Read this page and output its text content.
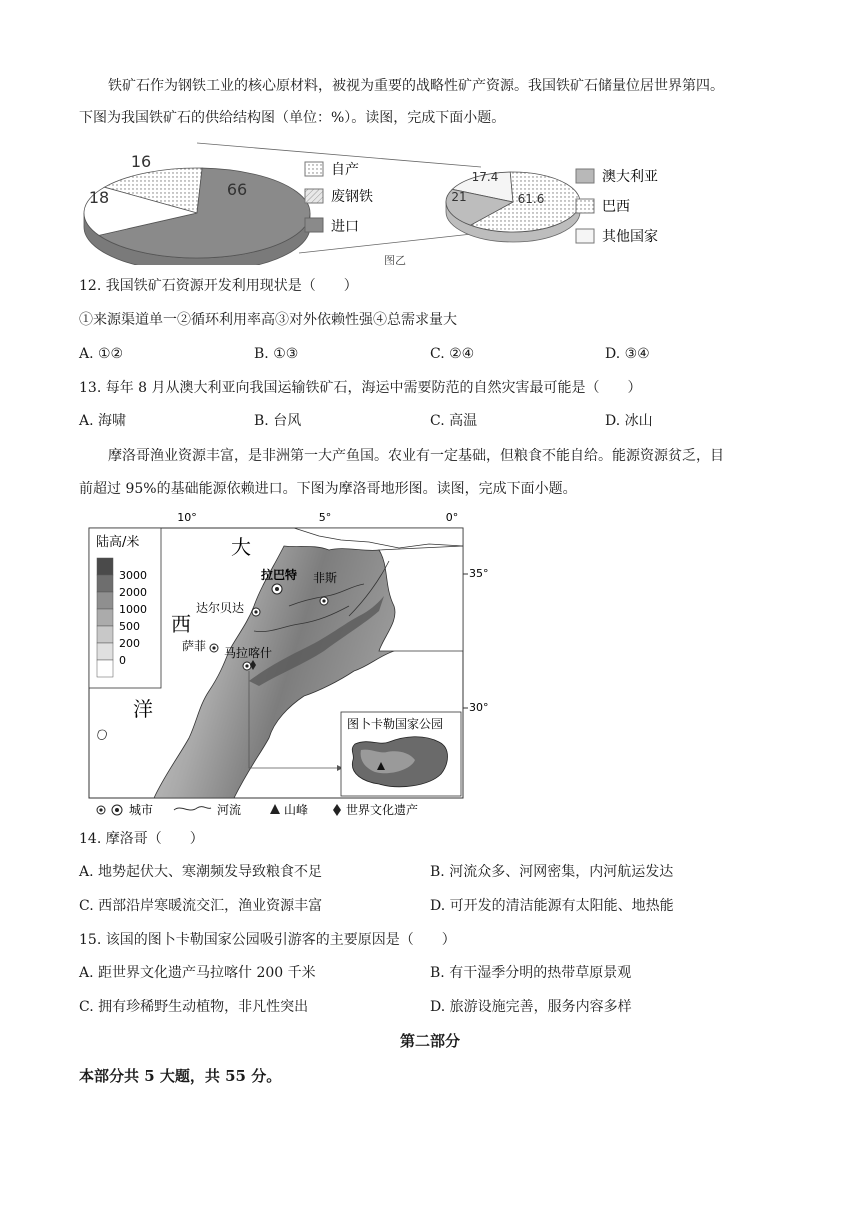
铁矿石作为钢铁工业的核心原材料，被视为重要的战略性矿产资源。我国铁矿石储量位居世界第四。
下图为我国铁矿石的供给结构图（单位：%）。读图，完成下面小题。
16
66
18
自产
废钢铁
进口
17.4
61.6
21
澳大利亚
巴西
其他国家
图乙
12. 我国铁矿石资源开发利用现状是（　　）
①来源渠道单一②循环利用率高③对外依赖性强④总需求量大
A. ①②	B. ①③	C. ②④	D. ③④
13. 每年 8 月从澳大利亚向我国运输铁矿石，海运中需要防范的自然灾害最可能是（　　）
A. 海啸	B. 台风	C. 高温	D. 冰山
摩洛哥渔业资源丰富，是非洲第一大产鱼国。农业有一定基础，但粮食不能自给。能源资源贫乏，目
前超过 95%的基础能源依赖进口。下图为摩洛哥地形图。读图，完成下面小题。
10°	5°	0°
35°
30°
大
西
洋
陆高/米
3000
2000
1000
500
200
0
拉巴特 非斯
达尔贝达
萨菲 马拉喀什
图卜卡勒国家公园
城市	河流	山峰	世界文化遗产
14. 摩洛哥（　　）
A. 地势起伏大、寒潮频发导致粮食不足	B. 河流众多、河网密集，内河航运发达
C. 西部沿岸寒暖流交汇，渔业资源丰富	D. 可开发的清洁能源有太阳能、地热能
15. 该国的图卜卡勒国家公园吸引游客的主要原因是（　　）
A. 距世界文化遗产马拉喀什 200 千米	B. 有干湿季分明的热带草原景观
C. 拥有珍稀野生动植物，非凡性突出	D. 旅游设施完善，服务内容多样
第二部分
本部分共 5 大题，共 55 分。
